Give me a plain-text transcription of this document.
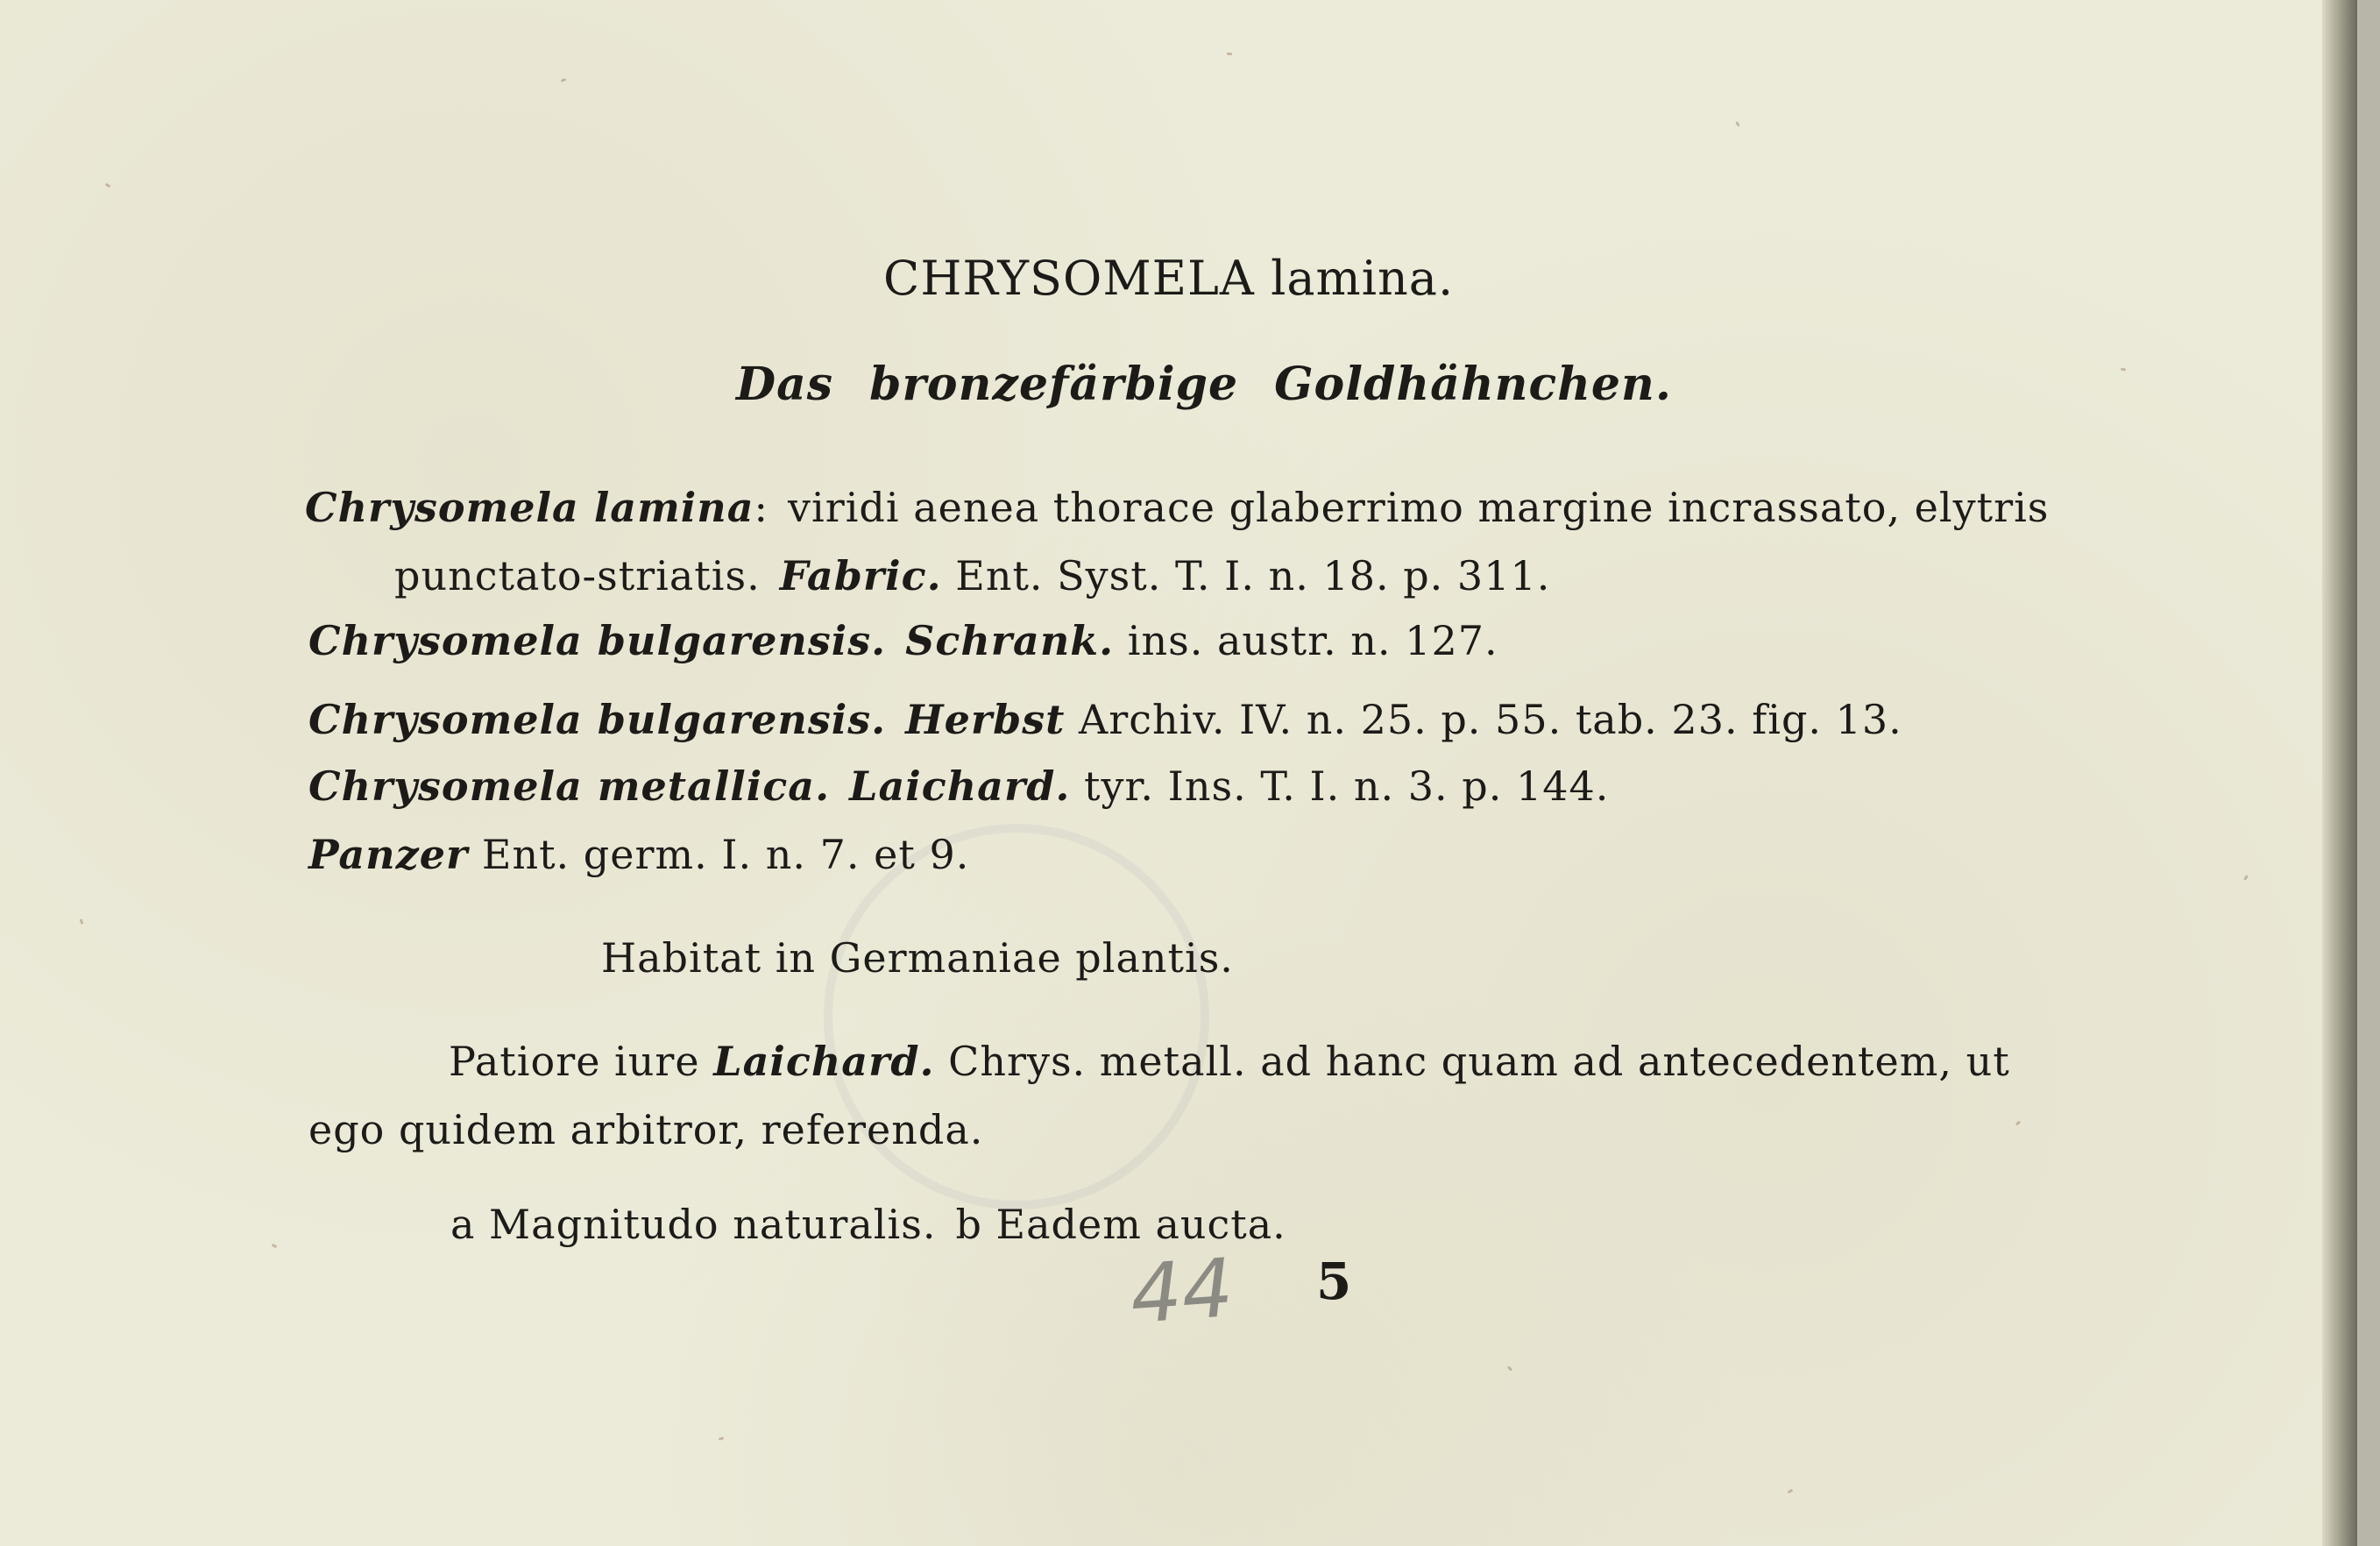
CHRYSOMELA lamina.
Das bronzefärbige Goldhähnchen.
Chrysomela lamina: viridi aenea thorace glaberrimo margine incrassato, elytris
punctato-striatis. Fabric. Ent. Syst. T. I. n. 18. p. 311.
Chrysomela bulgarensis. Schrank. ins. austr. n. 127.
Chrysomela bulgarensis. Herbst Archiv. IV. n. 25. p. 55. tab. 23. fig. 13.
Chrysomela metallica. Laichard. tyr. Ins. T. I. n. 3. p. 144.
Panzer Ent. germ. I. n. 7. et 9.
Habitat in Germaniae plantis.
Patiore iure Laichard. Chrys. metall. ad hanc quam ad antecedentem, ut
ego quidem arbitror, referenda.
a Magnitudo naturalis. b Eadem aucta.
44 5
